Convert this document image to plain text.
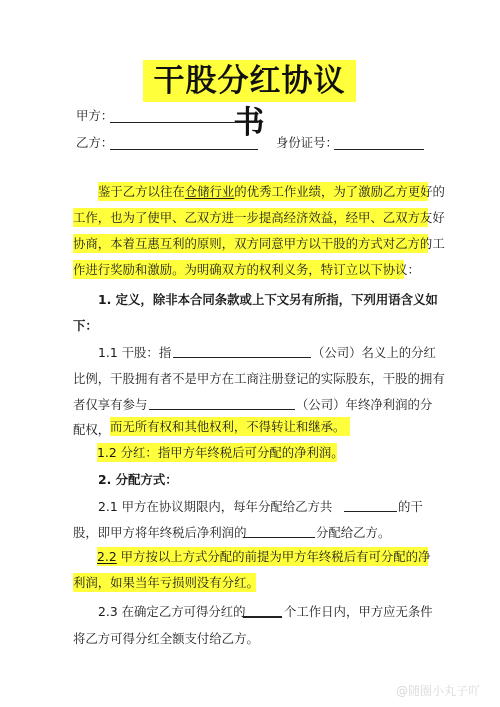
干股分红协议书
甲方：
乙方：	身份证号：
鉴于乙方以往在仓储行业的优秀工作业绩，为了激励乙方更好的
工作，也为了使甲、乙双方进一步提高经济效益，经甲、乙双方友好
协商，本着互惠互利的原则，双方同意甲方以干股的方式对乙方的工
作进行奖励和激励。为明确双方的权利义务，特订立以下协议：
1. 定义，除非本合同条款或上下文另有所指，下列用语含义如
下：
1.1 干股：指	（公司）名义上的分红
比例，干股拥有者不是甲方在工商注册登记的实际股东，干股的拥有
者仅享有参与	（公司）年终净利润的分
配权， 而无所有权和其他权利，不得转让和继承。
1.2 分红：指甲方年终税后可分配的净利润。
2. 分配方式：
2.1 甲方在协议期限内，每年分配给乙方共	的干
股，即甲方将年终税后净利润的	分配给乙方。
2.2 甲方按以上方式分配的前提为甲方年终税后有可分配的净
利润，如果当年亏损则没有分红。
2.3 在确定乙方可得分红的	个工作日内，甲方应无条件
将乙方可得分红全额支付给乙方。
@随圈小丸子吖
